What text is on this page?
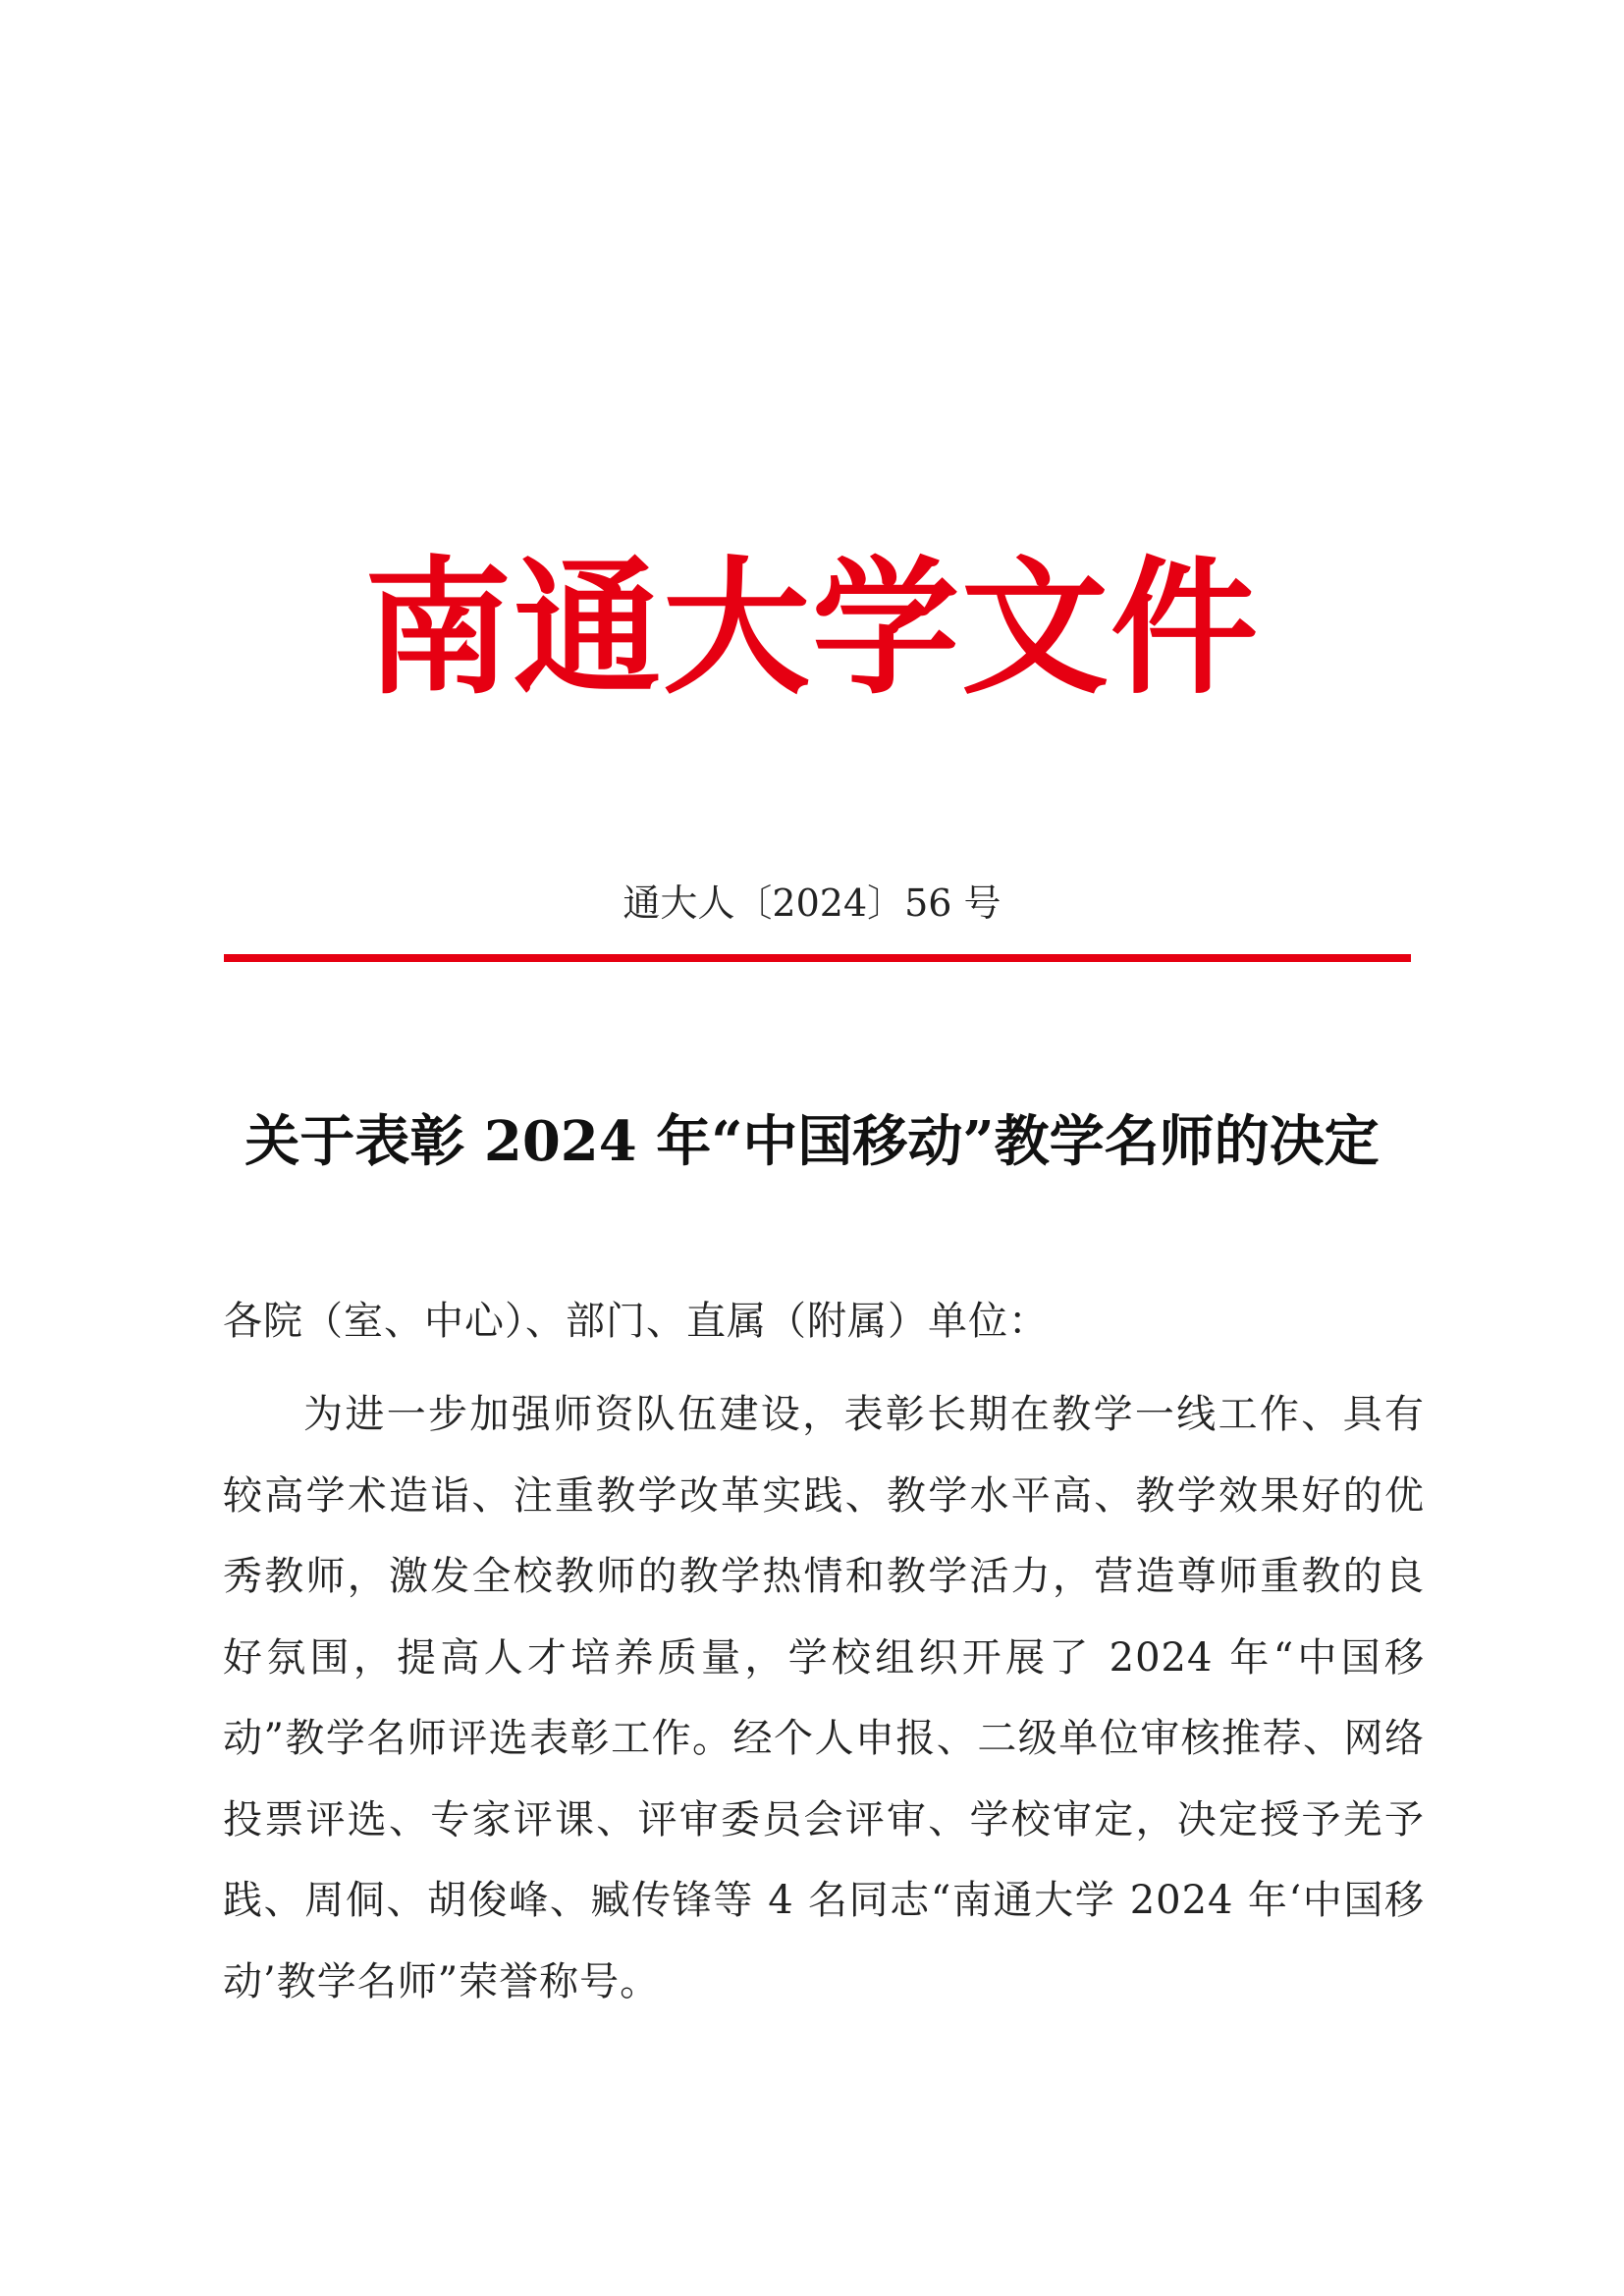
南通大学文件
通大人〔2024〕56 号
关于表彰 2024 年“中国移动”教学名师的决定
各院（室、中心）、部门、直属（附属）单位：
为进一步加强师资队伍建设，表彰长期在教学一线工作、具有较高学术造诣、注重教学改革实践、教学水平高、教学效果好的优秀教师，激发全校教师的教学热情和教学活力，营造尊师重教的良好氛围，提高人才培养质量，学校组织开展了 2024 年“中国移动”教学名师评选表彰工作。经个人申报、二级单位审核推荐、网络投票评选、专家评课、评审委员会评审、学校审定，决定授予羌予践、周侗、胡俊峰、臧传锋等 4 名同志“南通大学 2024 年‘中国移动’教学名师”荣誉称号。
